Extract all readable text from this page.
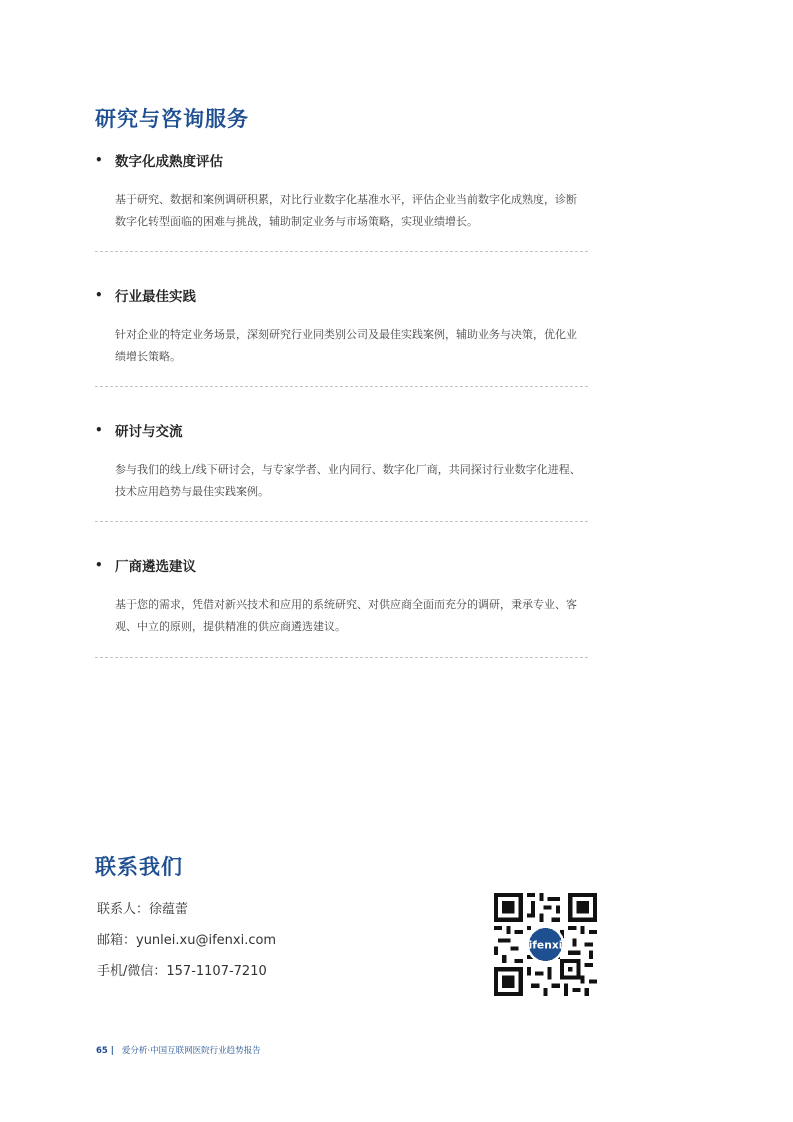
研究与咨询服务
• 数字化成熟度评估
基于研究、数据和案例调研积累，对比行业数字化基准水平，评估企业当前数字化成熟度，诊断
数字化转型面临的困难与挑战，辅助制定业务与市场策略，实现业绩增长。
• 行业最佳实践
针对企业的特定业务场景，深刻研究行业同类别公司及最佳实践案例，辅助业务与决策，优化业
绩增长策略。
• 研讨与交流
参与我们的线上/线下研讨会，与专家学者、业内同行、数字化厂商，共同探讨行业数字化进程、
技术应用趋势与最佳实践案例。
• 厂商遴选建议
基于您的需求，凭借对新兴技术和应用的系统研究、对供应商全面而充分的调研，秉承专业、客
观、中立的原则，提供精准的供应商遴选建议。
联系我们
联系人：徐蕴蕾
邮箱：yunlei.xu@ifenxi.com
手机/微信：157-1107-7210
ifenxi
65 | 爱分析·中国互联网医院行业趋势报告
